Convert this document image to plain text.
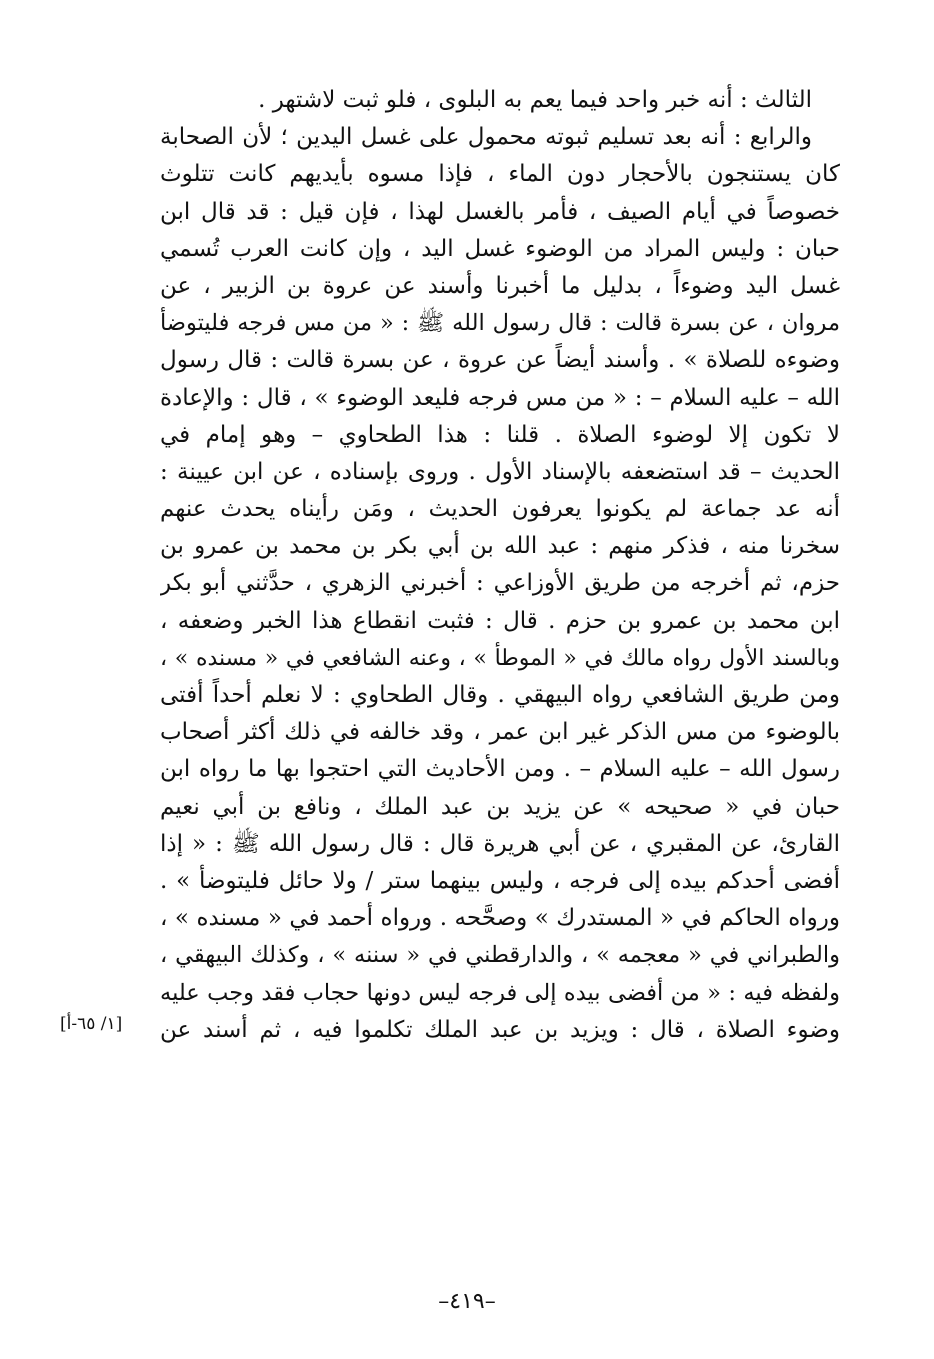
الثالث : أنه خبر واحد فيما يعم به البلوى ، فلو ثبت لاشتهر .
والرابع : أنه بعد تسليم ثبوته محمول على غسل اليدين ؛ لأن الصحابة
كان يستنجون بالأحجار دون الماء ، فإذا مسوه بأيديهم كانت تتلوث
خصوصاً في أيام الصيف ، فأمر بالغسل لهذا ، فإن قيل : قد قال ابن
حبان : وليس المراد من الوضوء غسل اليد ، وإن كانت العرب تُسمي
غسل اليد وضوءاً ، بدليل ما أخبرنا وأسند عن عروة بن الزبير ، عن
مروان ، عن بسرة قالت : قال رسول الله ﷺ : « من مس فرجه فليتوضأ
وضوءه للصلاة » . وأسند أيضاً عن عروة ، عن بسرة قالت : قال رسول
الله – عليه السلام – : « من مس فرجه فليعد الوضوء » ، قال : والإعادة
لا تكون إلا لوضوء الصلاة . قلنا : هذا الطحاوي – وهو إمام في
الحديث – قد استضعفه بالإسناد الأول . وروى بإسناده ، عن ابن عيينة :
أنه عد جماعة لم يكونوا يعرفون الحديث ، ومَن رأيناه يحدث عنهم
سخرنا منه ، فذكر منهم : عبد الله بن أبي بكر بن محمد بن عمرو بن
حزم، ثم أخرجه من طريق الأوزاعي : أخبرني الزهري ، حدَّثني أبو بكر
ابن محمد بن عمرو بن حزم . قال : فثبت انقطاع هذا الخبر وضعفه ،
وبالسند الأول رواه مالك في « الموطأ » ، وعنه الشافعي في « مسنده » ،
ومن طريق الشافعي رواه البيهقي . وقال الطحاوي : لا نعلم أحداً أفتى
بالوضوء من مس الذكر غير ابن عمر ، وقد خالفه في ذلك أكثر أصحاب
رسول الله – عليه السلام – . ومن الأحاديث التي احتجوا بها ما رواه ابن
حبان في « صحيحه » عن يزيد بن عبد الملك ، ونافع بن أبي نعيم
القارئ، عن المقبري ، عن أبي هريرة قال : قال رسول الله ﷺ : « إذا
أفضى أحدكم بيده إلى فرجه ، وليس بينهما ستر / ولا حائل فليتوضأ » .
ورواه الحاكم في « المستدرك » وصحَّحه . ورواه أحمد في « مسنده » ،
والطبراني في « معجمه » ، والدارقطني في « سننه » ، وكذلك البيهقي ،
ولفظه فيه : « من أفضى بيده إلى فرجه ليس دونها حجاب فقد وجب عليه
وضوء الصلاة ، قال : ويزيد بن عبد الملك تكلموا فيه ، ثم أسند عن
[١/ ٦٥-أ]
–٤١٩–
